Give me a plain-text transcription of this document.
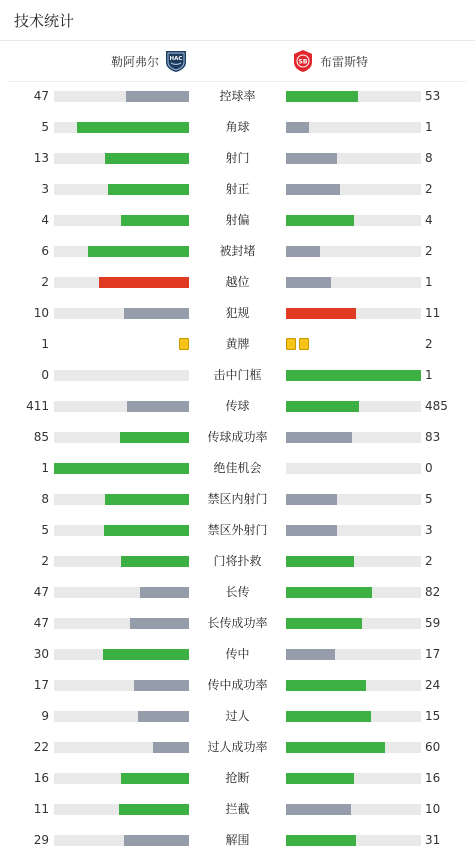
技术统计
勒阿弗尔 HAC	SB 布雷斯特
47	控球率	53
5	角球	1
13	射门	8
3	射正	2
4	射偏	4
6	被封堵	2
2	越位	1
10	犯规	11
1	黄牌	2
0	击中门框	1
411	传球	485
85	传球成功率	83
1	绝佳机会	0
8	禁区内射门	5
5	禁区外射门	3
2	门将扑救	2
47	长传	82
47	长传成功率	59
30	传中	17
17	传中成功率	24
9	过人	15
22	过人成功率	60
16	抢断	16
11	拦截	10
29	解围	31
